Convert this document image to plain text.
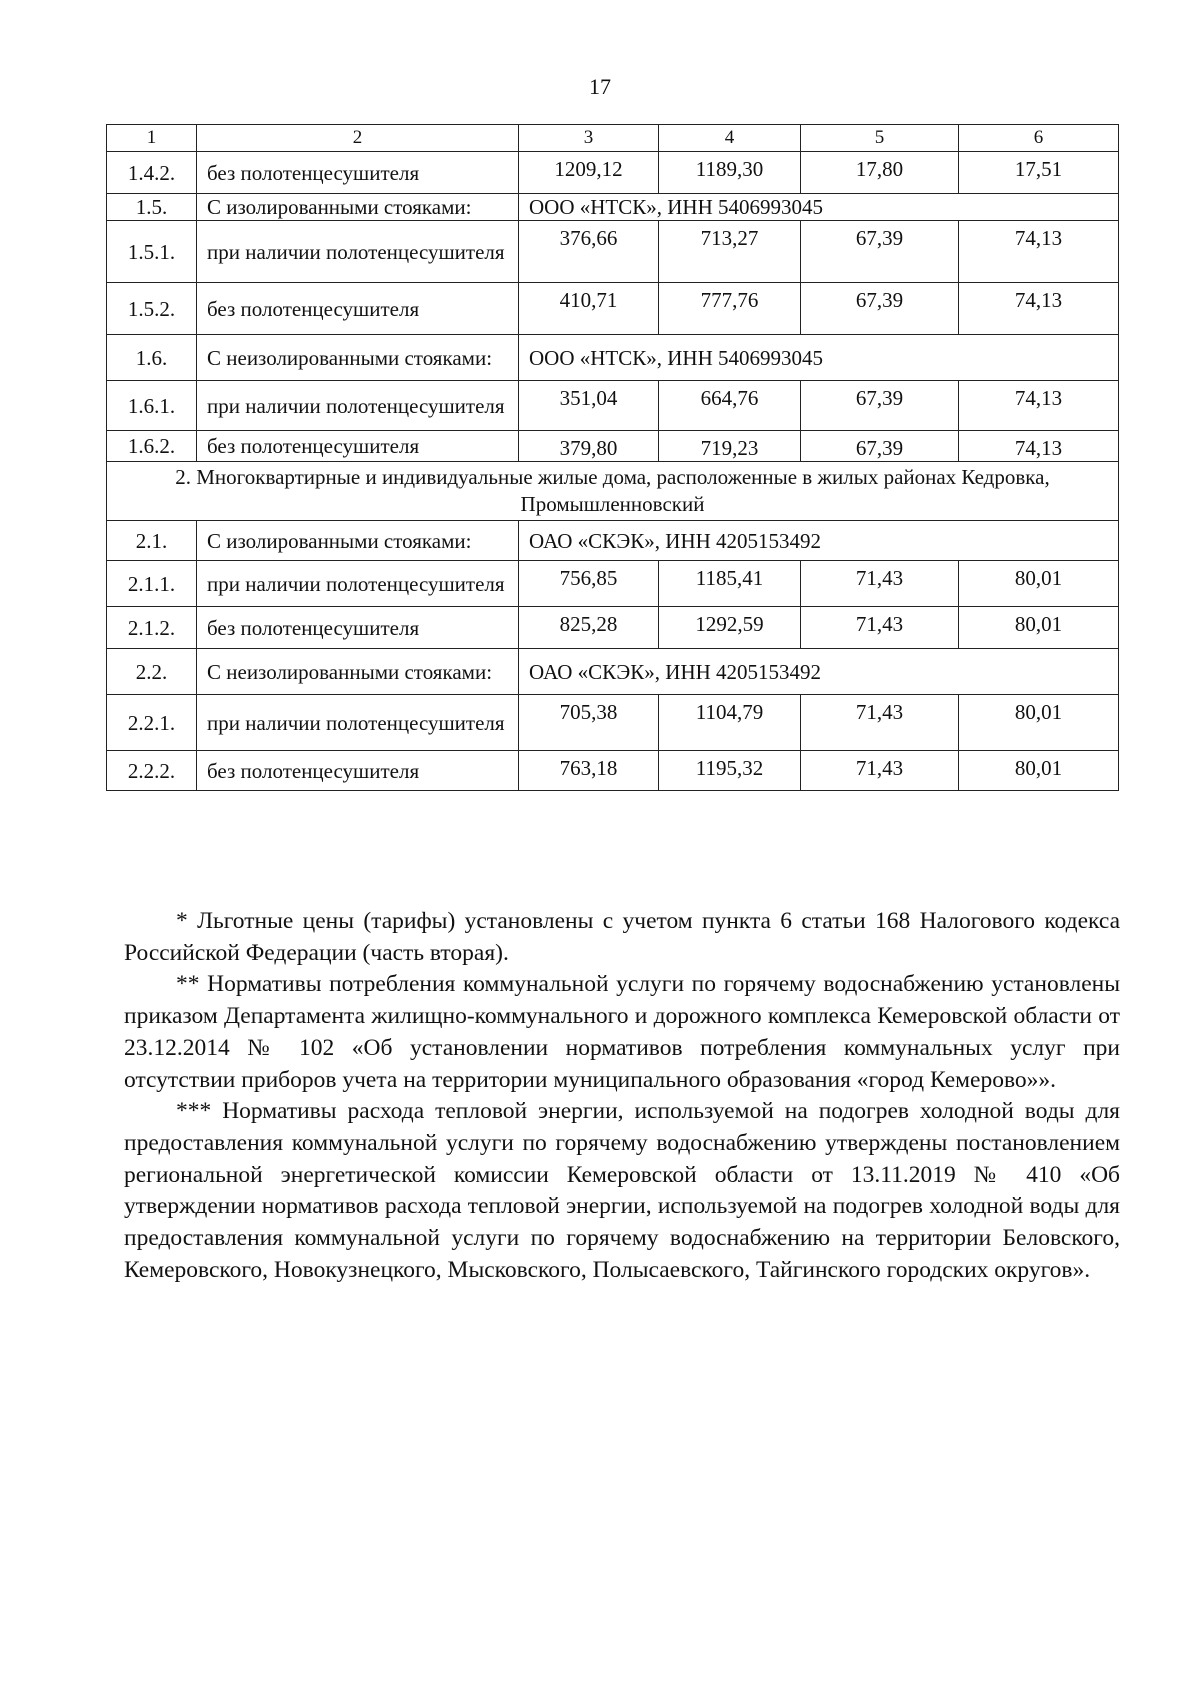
17
1	2	3	4	5	6
1.4.2.	без полотенцесушителя	1209,12	1189,30	17,80	17,51
1.5.	С изолированными стояками:	ООО «НТСК», ИНН 5406993045			
1.5.1.	при наличии полотенцесушителя	376,66	713,27	67,39	74,13
1.5.2.	без полотенцесушителя	410,71	777,76	67,39	74,13
1.6.	С неизолированными стояками:	ООО «НТСК», ИНН 5406993045			
1.6.1.	при наличии полотенцесушителя	351,04	664,76	67,39	74,13
1.6.2.	без полотенцесушителя	379,80	719,23	67,39	74,13
2. Многоквартирные и индивидуальные жилые дома, расположенные в жилых районах Кедровка, Промышленновский					
2.1.	С изолированными стояками:	ОАО «СКЭК», ИНН 4205153492			
2.1.1.	при наличии полотенцесушителя	756,85	1185,41	71,43	80,01
2.1.2.	без полотенцесушителя	825,28	1292,59	71,43	80,01
2.2.	С неизолированными стояками:	ОАО «СКЭК», ИНН 4205153492			
2.2.1.	при наличии полотенцесушителя	705,38	1104,79	71,43	80,01
2.2.2.	без полотенцесушителя	763,18	1195,32	71,43	80,01

* Льготные цены (тарифы) установлены с учетом пункта 6 статьи 168 Налогового кодекса Российской Федерации (часть вторая).

** Нормативы потребления коммунальной услуги по горячему водоснабжению установлены приказом Департамента жилищно-коммунального и дорожного комплекса Кемеровской области от 23.12.2014 № 102 «Об установлении нормативов потребления коммунальных услуг при отсутствии приборов учета на территории муниципального образования «город Кемерово»».

*** Нормативы расхода тепловой энергии, используемой на подогрев холодной воды для предоставления коммунальной услуги по горячему водоснабжению утверждены постановлением региональной энергетической комиссии Кемеровской области от 13.11.2019 № 410 «Об утверждении нормативов расхода тепловой энергии, используемой на подогрев холодной воды для предоставления коммунальной услуги по горячему водоснабжению на территории Беловского, Кемеровского, Новокузнецкого, Мысковского, Полысаевского, Тайгинского городских округов».
